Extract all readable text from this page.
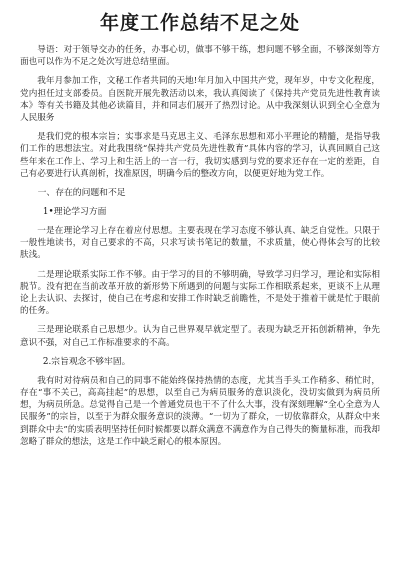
年度工作总结不足之处

导语：对于领导交办的任务，办事心切，做事不够干练，想问题不够全面，不够深刻等方面也可以作为不足之处次写进总结里面。

我年月参加工作，文秘工作者共同的天地!年月加入中国共产党，现年岁，中专文化程度，党内担任过支部委员。自医院开展先教活动以来，我认真阅读了《保持共产党员先进性教育读本》等有关书籍及其他必读篇目，并和同志们展开了热烈讨论。从中我深刻认识到全心全意为人民服务

是我们党的根本宗旨；实事求是马克思主义、毛泽东思想和邓小平理论的精髓，是指导我们工作的思想法宝。对此我围绕“保持共产党员先进性教育”具体内容的学习，认真回顾自己这些年来在工作上、学习上和生活上的一言一行，我切实感到与党的要求还存在一定的差距，自己有必要进行认真剖析，找准原因，明确今后的整改方向，以便更好地为党工作。

一、存在的问题和不足
1•理论学习方面

一是在理论学习上存在着应付思想。主要表现在学习态度不够认真、缺乏自觉性。只限于一般性地读书，对自己要求的不高，只求写读书笔记的数量，不求质量，使心得体会写的比较肤浅。

二是理论联系实际工作不够。由于学习的目的不够明确，导致学习归学习，理论和实际相脱节。没有把在当前改革开放的新形势下所遇到的问题与实际工作相联系起来，更谈不上从理论上去认识、去探讨，使自己在考虑和安排工作时缺乏前瞻性，不是处于推着干就是忙于眼前的任务。

三是理论联系自己思想少。认为自己世界观早就定型了。表现为缺乏开拓创新精神，争先意识不强，对自己工作标准要求的不高。

2.宗旨观念不够牢固。

我有时对待病员和自己的同事不能始终保持热情的态度，尤其当手头工作稍多、稍忙时，存在“事不关己，高高挂起”的思想，以至自己为病员服务的意识淡化，没切实做到为病员所想，为病员所急。总觉得自己是一个普通党员也干不了什么大事，没有深刻理解“全心全意为人民服务”的宗旨，以至于为群众服务意识的淡薄。“一切为了群众，一切依靠群众，从群众中来到群众中去”的实质表明坚持任何时候都要以群众满意不满意作为自己得失的衡量标准，而我却忽略了群众的想法，这是工作中缺乏耐心的根本原因。
